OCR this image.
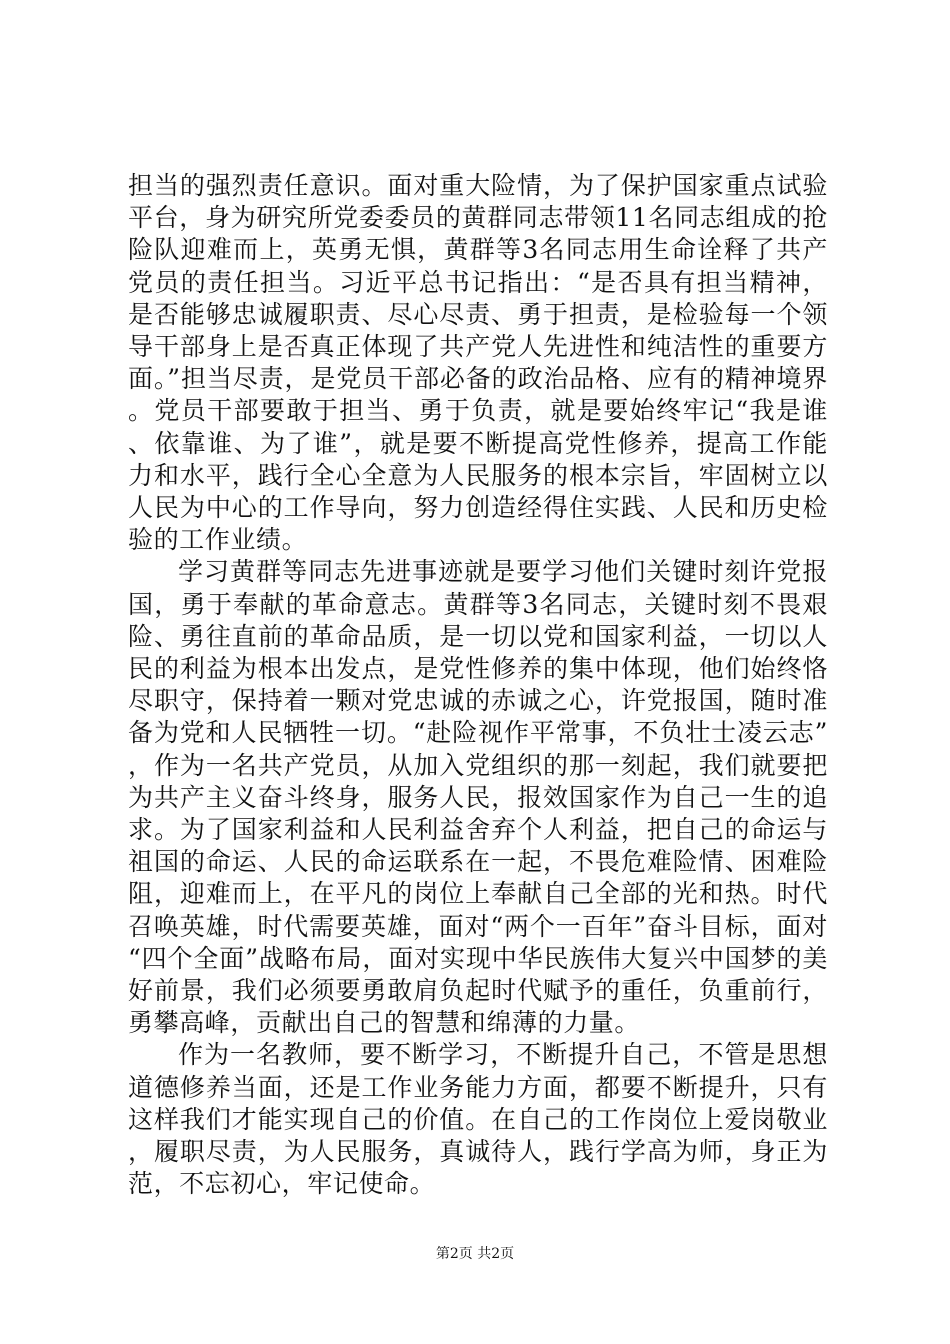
担当的强烈责任意识。面对重大险情，为了保护国家重点试验平台，身为研究所党委委员的黄群同志带领11名同志组成的抢险队迎难而上，英勇无惧，黄群等3名同志用生命诠释了共产党员的责任担当。习近平总书记指出：“是否具有担当精神，是否能够忠诚履职责、尽心尽责、勇于担责，是检验每一个领导干部身上是否真正体现了共产党人先进性和纯洁性的重要方面。”担当尽责，是党员干部必备的政治品格、应有的精神境界。党员干部要敢于担当、勇于负责，就是要始终牢记“我是谁、依靠谁、为了谁”，就是要不断提高党性修养，提高工作能力和水平，践行全心全意为人民服务的根本宗旨，牢固树立以人民为中心的工作导向，努力创造经得住实践、人民和历史检验的工作业绩。

学习黄群等同志先进事迹就是要学习他们关键时刻许党报国，勇于奉献的革命意志。黄群等3名同志，关键时刻不畏艰险、勇往直前的革命品质，是一切以党和国家利益，一切以人民的利益为根本出发点，是党性修养的集中体现，他们始终恪尽职守，保持着一颗对党忠诚的赤诚之心，许党报国，随时准备为党和人民牺牲一切。“赴险视作平常事，不负壮士凌云志”，作为一名共产党员，从加入党组织的那一刻起，我们就要把为共产主义奋斗终身，服务人民，报效国家作为自己一生的追求。为了国家利益和人民利益舍弃个人利益，把自己的命运与祖国的命运、人民的命运联系在一起，不畏危难险情、困难险阻，迎难而上，在平凡的岗位上奉献自己全部的光和热。时代召唤英雄，时代需要英雄，面对“两个一百年”奋斗目标，面对“四个全面”战略布局，面对实现中华民族伟大复兴中国梦的美好前景，我们必须要勇敢肩负起时代赋予的重任，负重前行，勇攀高峰，贡献出自己的智慧和绵薄的力量。

作为一名教师，要不断学习，不断提升自己，不管是思想道德修养当面，还是工作业务能力方面，都要不断提升，只有这样我们才能实现自己的价值。在自己的工作岗位上爱岗敬业，履职尽责，为人民服务，真诚待人，践行学高为师，身正为范，不忘初心，牢记使命。

第2页 共2页
